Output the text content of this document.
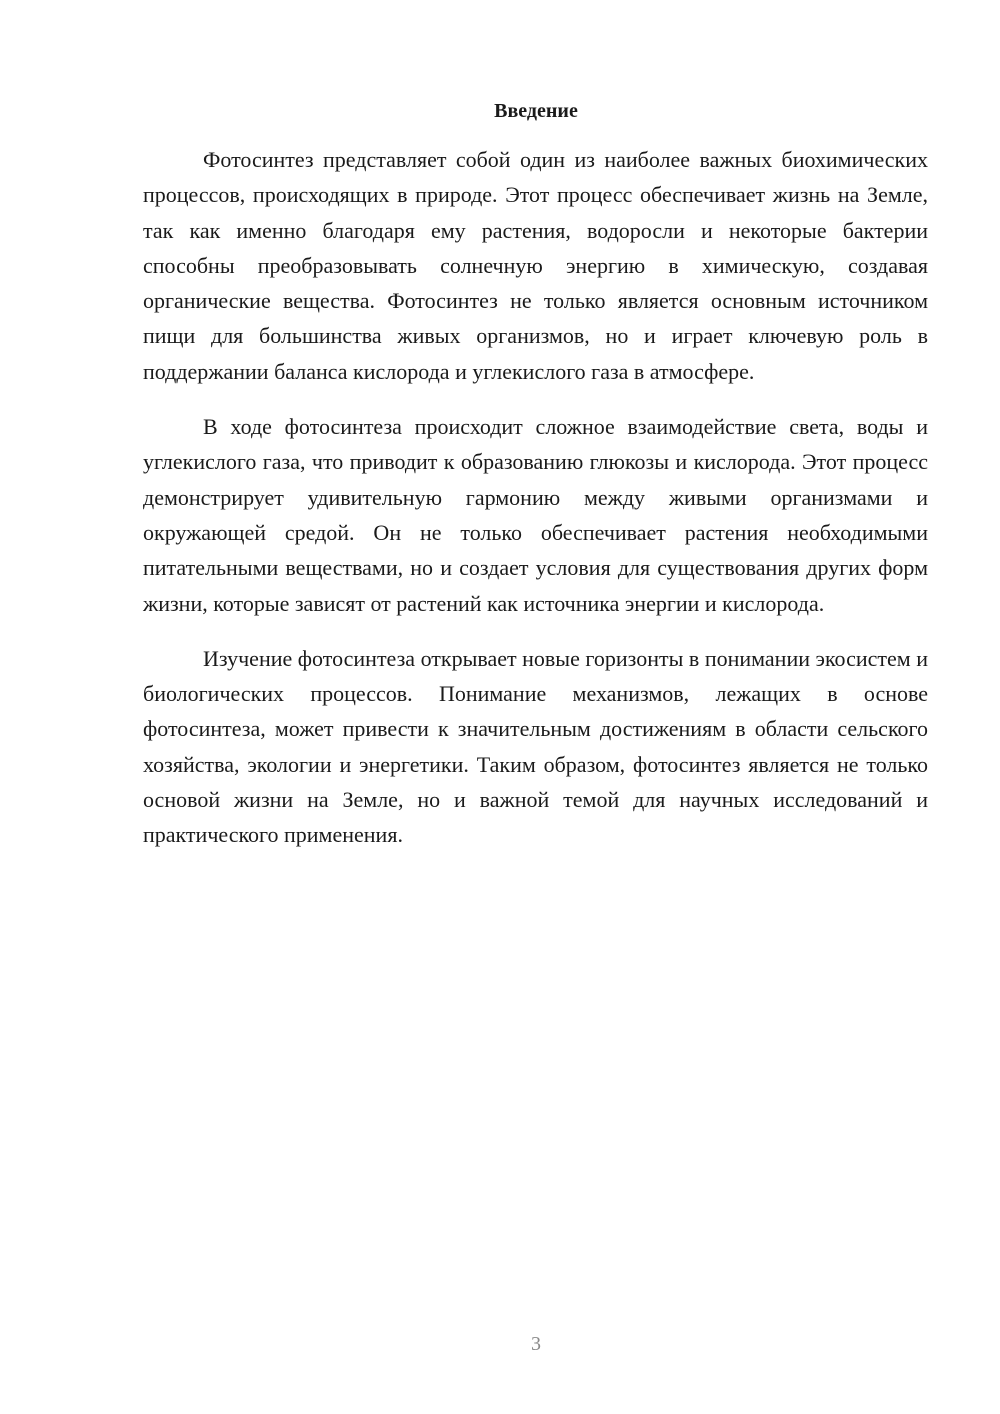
Введение

Фотосинтез представляет собой один из наиболее важных биохимических процессов, происходящих в природе. Этот процесс обеспечивает жизнь на Земле, так как именно благодаря ему растения, водоросли и некоторые бактерии способны преобразовывать солнечную энергию в химическую, создавая органические вещества. Фотосинтез не только является основным источником пищи для большинства живых организмов, но и играет ключевую роль в поддержании баланса кислорода и углекислого газа в атмосфере.

В ходе фотосинтеза происходит сложное взаимодействие света, воды и углекислого газа, что приводит к образованию глюкозы и кислорода. Этот процесс демонстрирует удивительную гармонию между живыми организмами и окружающей средой. Он не только обеспечивает растения необходимыми питательными веществами, но и создает условия для существования других форм жизни, которые зависят от растений как источника энергии и кислорода.

Изучение фотосинтеза открывает новые горизонты в понимании экосистем и биологических процессов. Понимание механизмов, лежащих в основе фотосинтеза, может привести к значительным достижениям в области сельского хозяйства, экологии и энергетики. Таким образом, фотосинтез является не только основой жизни на Земле, но и важной темой для научных исследований и практического применения.

3
